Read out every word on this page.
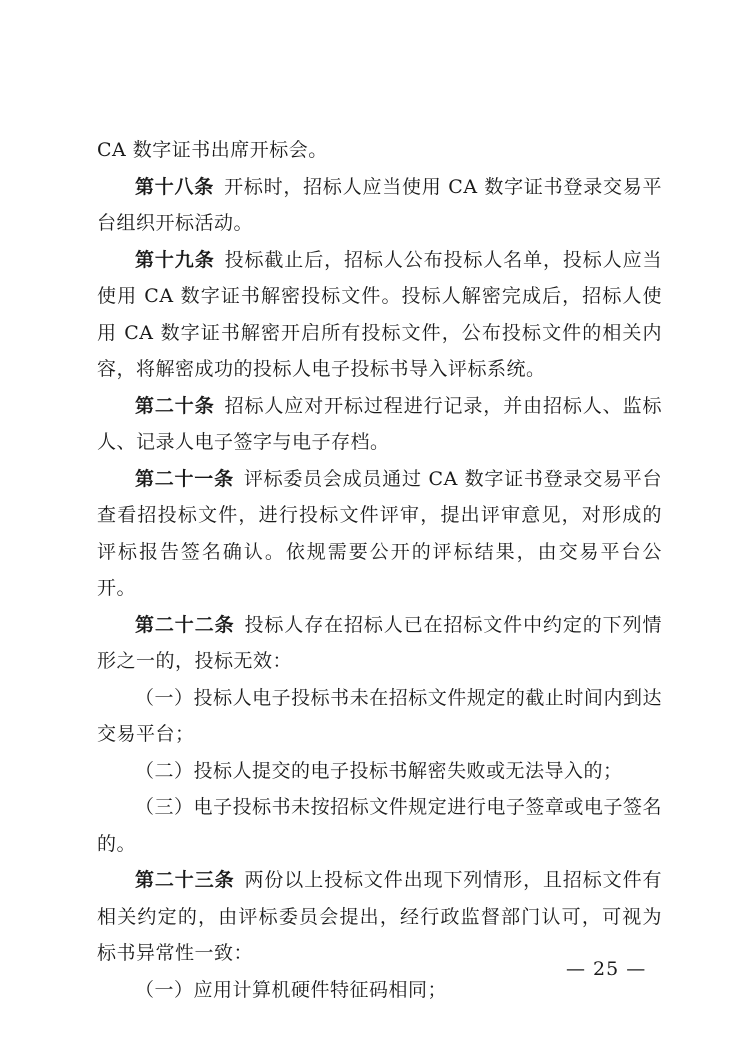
CA 数字证书出席开标会。

第十八条 开标时，招标人应当使用 CA 数字证书登录交易平台组织开标活动。

第十九条 投标截止后，招标人公布投标人名单，投标人应当使用 CA 数字证书解密投标文件。投标人解密完成后，招标人使用 CA 数字证书解密开启所有投标文件，公布投标文件的相关内容，将解密成功的投标人电子投标书导入评标系统。

第二十条 招标人应对开标过程进行记录，并由招标人、监标人、记录人电子签字与电子存档。

第二十一条 评标委员会成员通过 CA 数字证书登录交易平台查看招投标文件，进行投标文件评审，提出评审意见，对形成的评标报告签名确认。依规需要公开的评标结果，由交易平台公开。

第二十二条 投标人存在招标人已在招标文件中约定的下列情形之一的，投标无效：

（一）投标人电子投标书未在招标文件规定的截止时间内到达交易平台；

（二）投标人提交的电子投标书解密失败或无法导入的；

（三）电子投标书未按招标文件规定进行电子签章或电子签名的。

第二十三条 两份以上投标文件出现下列情形，且招标文件有相关约定的，由评标委员会提出，经行政监督部门认可，可视为标书异常性一致：

（一）应用计算机硬件特征码相同；

— 25 —
